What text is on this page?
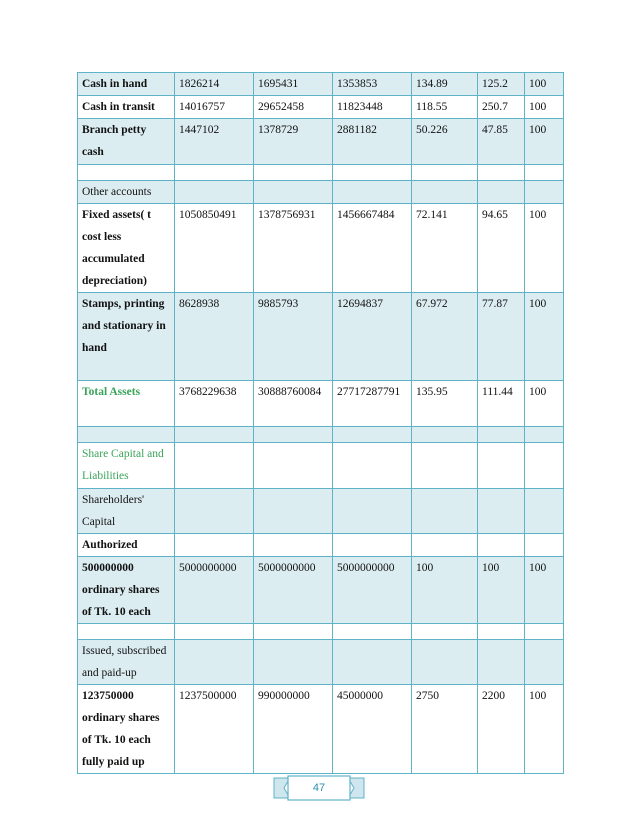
Cash in hand	1826214	1695431	1353853	134.89	125.2	100
Cash in transit	14016757	29652458	11823448	118.55	250.7	100
Branch petty cash	1447102	1378729	2881182	50.226	47.85	100

Other accounts						
Fixed assets( t cost less accumulated depreciation)	1050850491	1378756931	1456667484	72.141	94.65	100
Stamps, printing and stationary in hand	8628938	9885793	12694837	67.972	77.87	100
Total Assets	3768229638	30888760084	27717287791	135.95	111.44	100

Share Capital and Liabilities						
Shareholders' Capital						
Authorized						
500000000 ordinary shares of Tk. 10 each	5000000000	5000000000	5000000000	100	100	100

Issued, subscribed and paid-up						
123750000 ordinary shares of Tk. 10 each fully paid up	1237500000	990000000	45000000	2750	2200	100
47
